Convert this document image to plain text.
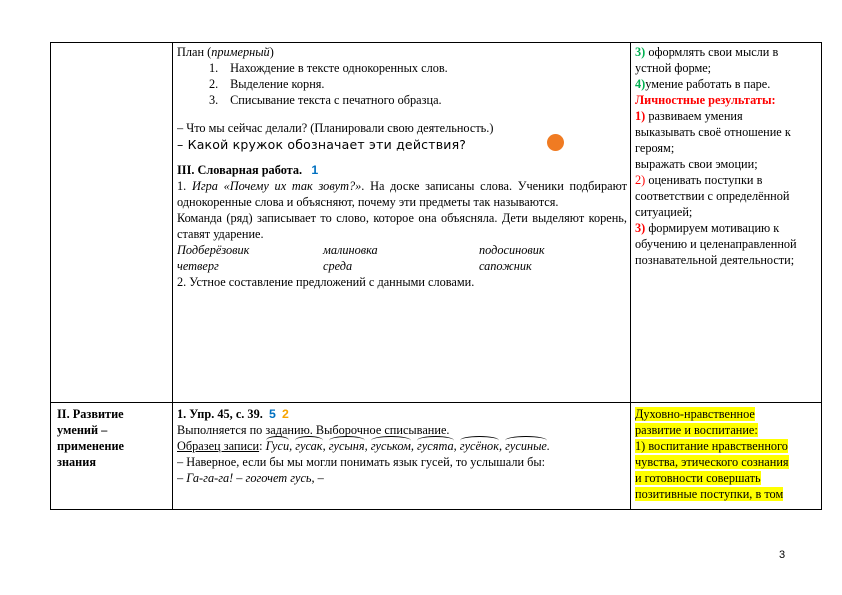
План (примерный)
1. Нахождение в тексте однокоренных слов.
2. Выделение корня.
3. Списывание текста с печатного образца.
– Что мы сейчас делали? (Планировали свою деятельность.)
– Какой кружок обозначает эти действия?
III. Словарная работа. 1
1. Игра «Почему их так зовут?». На доске записаны слова. Ученики подбирают однокоренные слова и объясняют, почему эти предметы так называются.
Команда (ряд) записывает то слово, которое она объясняла. Дети выделяют корень, ставят ударение.
Подберёзовик	малиновка	подосиновик
четверг	среда	сапожник
2. Устное составление предложений с данными словами.
3) оформлять свои мысли в
устной форме;
4)умение работать в паре.
Личностные результаты:
1) развиваем умения
выказывать своё отношение к
героям;
выражать свои эмоции;
2) оценивать поступки в
соответствии с определённой
ситуацией;
3) формируем мотивацию к
обучению и целенаправленной
познавательной деятельности;
II. Развитие
умений –
применение
знания
1. Упр. 45, с. 39. 5 2
Выполняется по заданию. Выборочное списывание.
Образец записи: Гуси, гусак, гусыня, гуськом, гусята, гусёнок, гусиные.
– Наверное, если бы мы могли понимать язык гусей, то услышали бы:
– Га-га-га! – гогочет гусь, –
Духовно-нравственное
развитие и воспитание:
1) воспитание нравственного
чувства, этического сознания
и готовности совершать
позитивные поступки, в том
3
